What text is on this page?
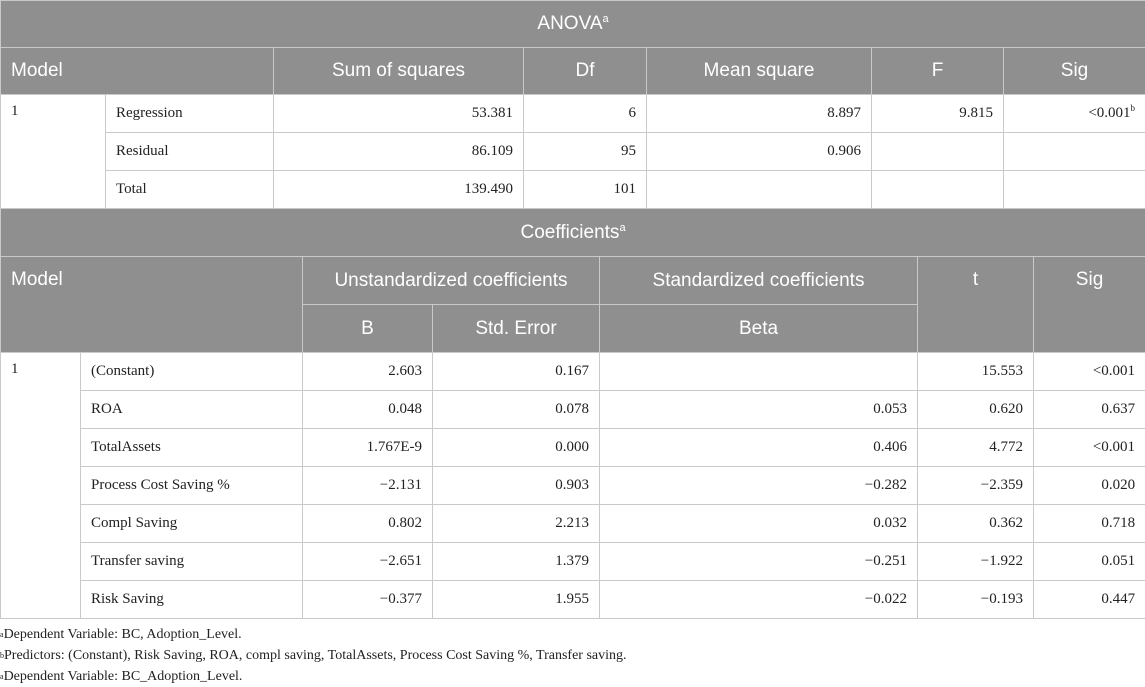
ANOVA$^a$
Model		Sum of squares	Df	Mean square	F	Sig
1	Regression	53.381	6	8.897	9.815	<0.001$^b$
	Residual	86.109	95	0.906		
	Total	139.490	101			
Coefficients$^a$
Model		Unstandardized coefficients		Standardized coefficients	t	Sig
		B	Std. Error	Beta		
1	(Constant)	2.603	0.167		15.553	<0.001
	ROA	0.048	0.078	0.053	0.620	0.637
	TotalAssets	1.767E-9	0.000	0.406	4.772	<0.001
	Process Cost Saving %	−2.131	0.903	−0.282	−2.359	0.020
	Compl Saving	0.802	2.213	0.032	0.362	0.718
	Transfer saving	−2.651	1.379	−0.251	−1.922	0.051
	Risk Saving	−0.377	1.955	−0.022	−0.193	0.447
$^a$Dependent Variable: BC, Adoption_Level.
$^b$Predictors: (Constant), Risk Saving, ROA, compl saving, TotalAssets, Process Cost Saving %, Transfer saving.
$^a$Dependent Variable: BC_Adoption_Level.
